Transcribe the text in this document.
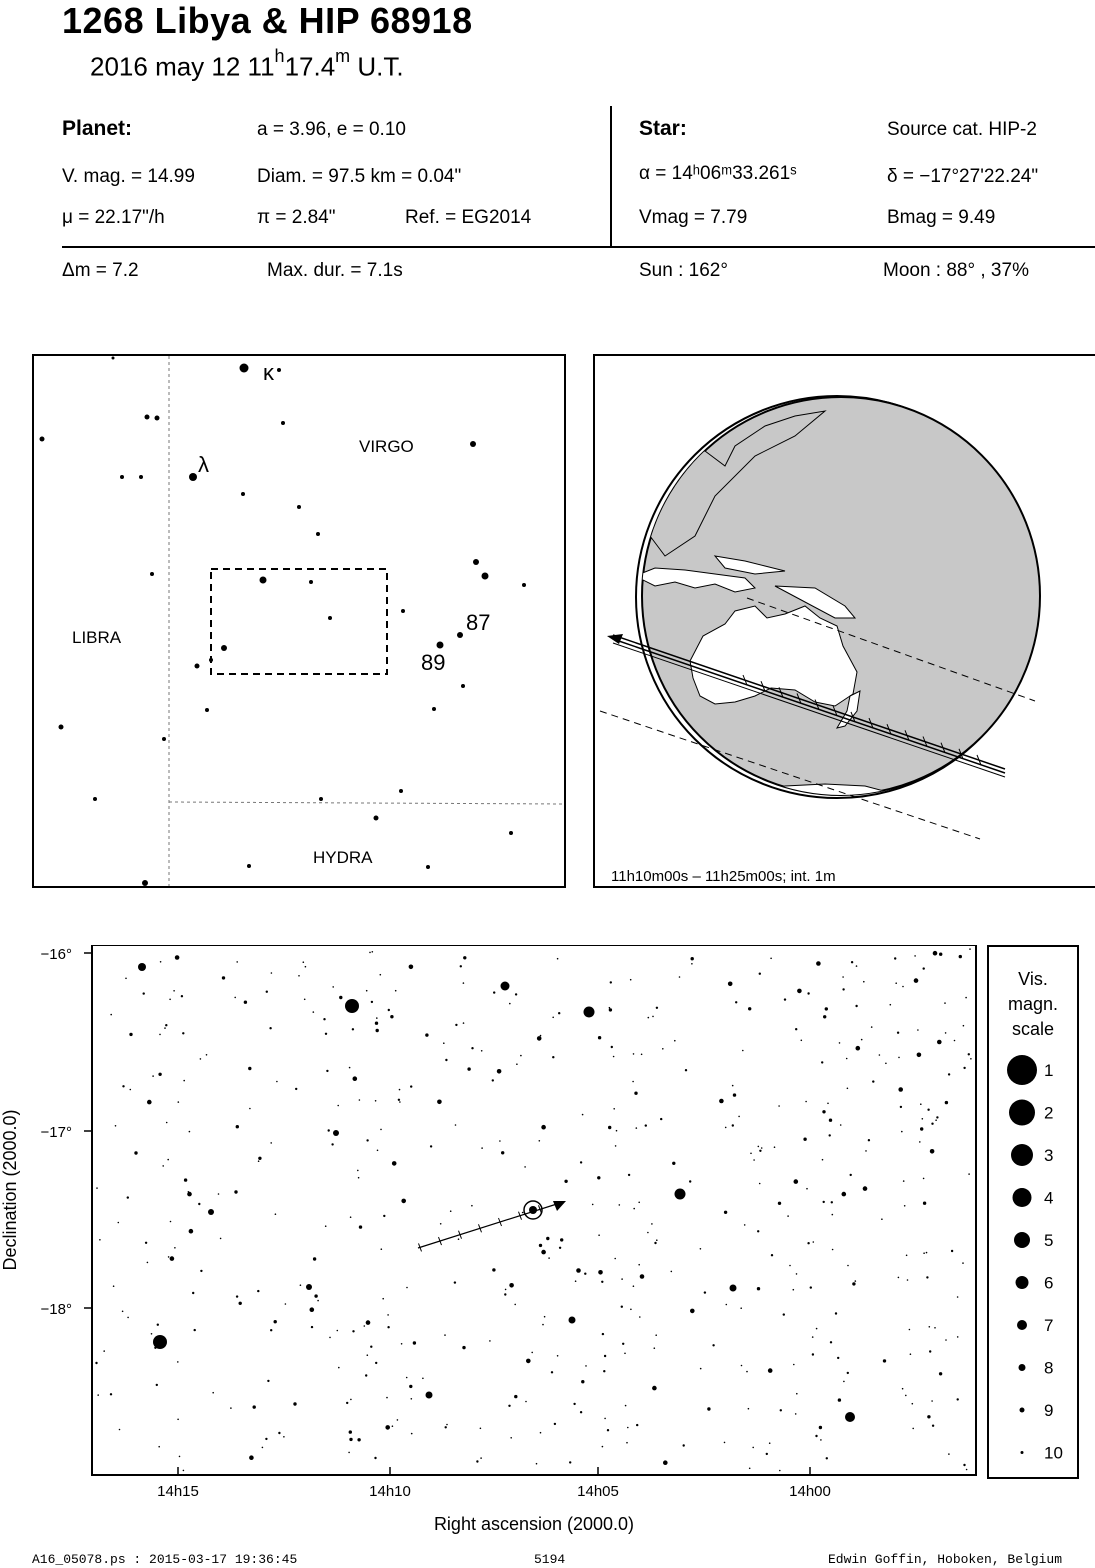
1268 Libya & HIP 68918
2016 may 12 11$^h$17.4$^m$ U.T.
Planet:	a = 3.96, e = 0.10
V. mag. = 14.99	Diam. = 97.5 km = 0.04"
μ = 22.17"/h	π = 2.84"	Ref. = EG2014
Star:	Source cat. HIP-2
α = 14ʰ06ᵐ33.261ˢ	δ = −17°27'22.24"
Vmag = 7.79	Bmag = 9.49
Δm = 7.2	Max. dur. = 7.1s	Sun : 162°	Moon : 88° , 37%
κ
λ
VIRGO
LIBRA
HYDRA
87
89
11h10m00s – 11h25m00s; int. 1m
−16°
−17°
−18°
14h15	14h10	14h05	14h00
Right ascension (2000.0)
Declination (2000.0)
Vis.
magn.
scale
1
2
3
4
5
6
7
8
9
10
A16_05078.ps : 2015-03-17 19:36:45	5194	Edwin Goffin, Hoboken, Belgium
